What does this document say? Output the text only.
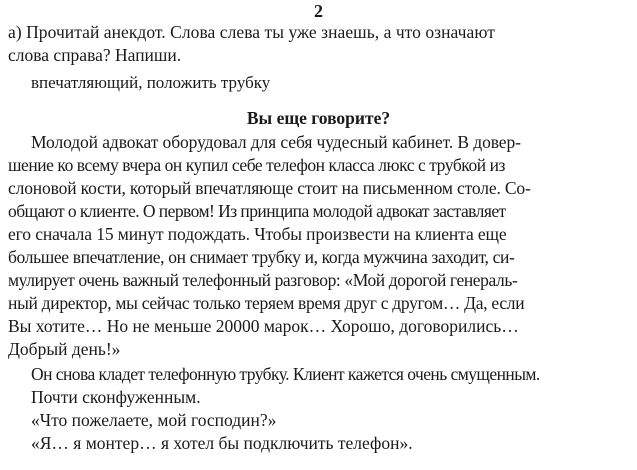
2
а) Прочитай анекдот. Слова слева ты уже знаешь, а что означают
слова справа? Напиши.
впечатляющий, положить трубку
Вы еще говорите?
Молодой адвокат оборудовал для себя чудесный кабинет. В довер-
шение ко всему вчера он купил себе телефон класса люкс с трубкой из
слоновой кости, который впечатляюще стоит на письменном столе. Со-
общают о клиенте. О первом! Из принципа молодой адвокат заставляет
его сначала 15 минут подождать. Чтобы произвести на клиента еще
большее впечатление, он снимает трубку и, когда мужчина заходит, си-
мулирует очень важный телефонный разговор: «Мой дорогой генераль-
ный директор, мы сейчас только теряем время друг с другом… Да, если
Вы хотите… Но не меньше 20000 марок… Хорошо, договорились…
Добрый день!»
Он снова кладет телефонную трубку. Клиент кажется очень смущенным.
Почти сконфуженным.
«Что пожелаете, мой господин?»
«Я… я монтер… я хотел бы подключить телефон».
